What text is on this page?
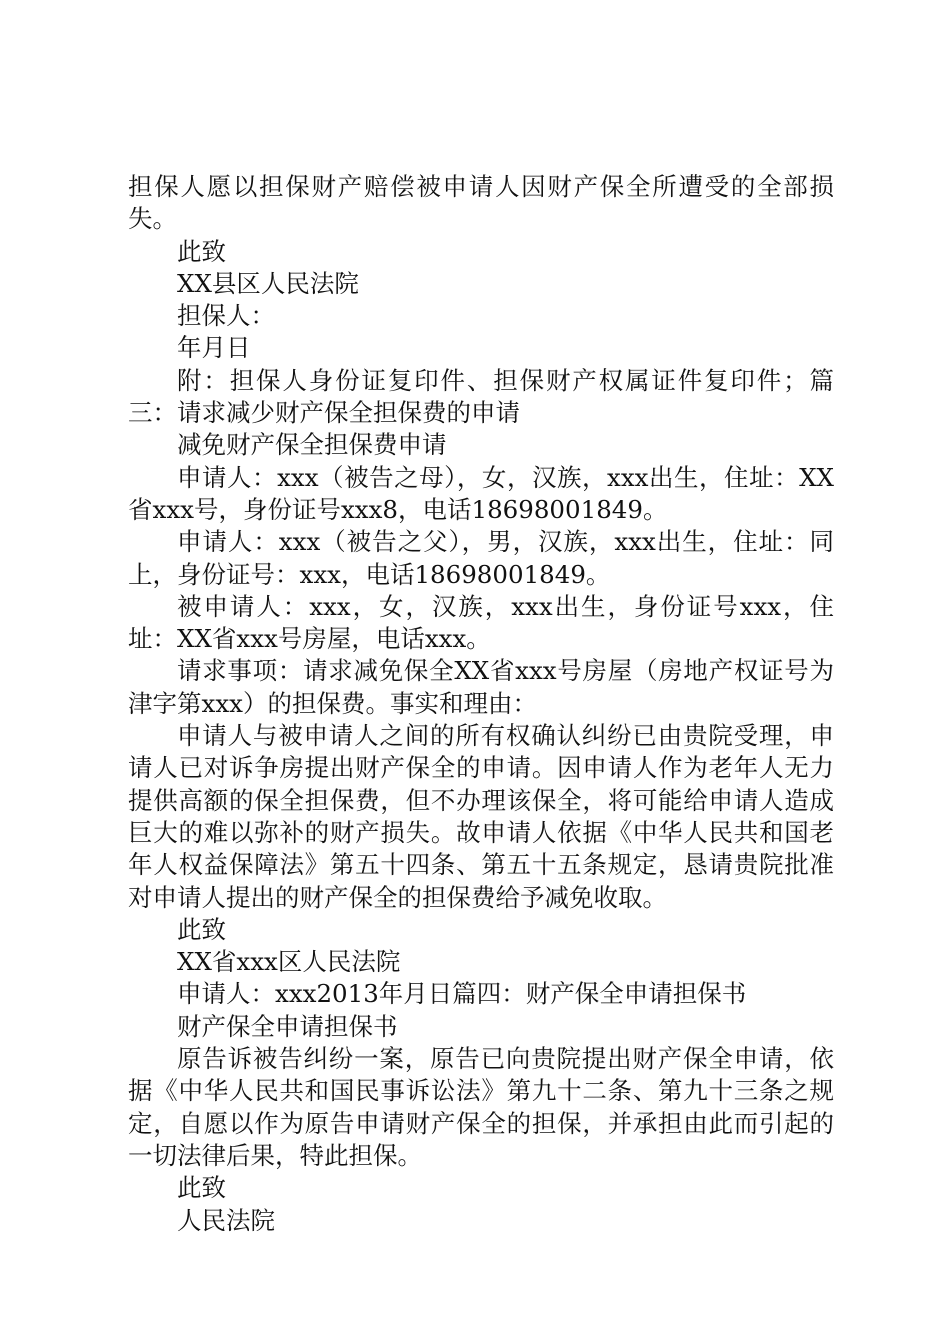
担保人愿以担保财产赔偿被申请人因财产保全所遭受的全部损失。

此致

XX县区人民法院

担保人：

年月日

附：担保人身份证复印件、担保财产权属证件复印件；篇三：请求减少财产保全担保费的申请

减免财产保全担保费申请

申请人：xxx（被告之母），女，汉族，xxx出生，住址：XX省xxx号，身份证号xxx8，电话18698001849。

申请人：xxx（被告之父），男，汉族，xxx出生，住址：同上，身份证号：xxx，电话18698001849。

被申请人：xxx，女，汉族，xxx出生，身份证号xxx，住址：XX省xxx号房屋，电话xxx。

请求事项：请求减免保全XX省xxx号房屋（房地产权证号为津字第xxx）的担保费。事实和理由：

申请人与被申请人之间的所有权确认纠纷已由贵院受理，申请人已对诉争房提出财产保全的申请。因申请人作为老年人无力提供高额的保全担保费，但不办理该保全，将可能给申请人造成巨大的难以弥补的财产损失。故申请人依据《中华人民共和国老年人权益保障法》第五十四条、第五十五条规定，恳请贵院批准对申请人提出的财产保全的担保费给予减免收取。

此致

XX省xxx区人民法院

申请人：xxx2013年月日篇四：财产保全申请担保书

财产保全申请担保书

原告诉被告纠纷一案，原告已向贵院提出财产保全申请，依据《中华人民共和国民事诉讼法》第九十二条、第九十三条之规定，自愿以作为原告申请财产保全的担保，并承担由此而引起的一切法律后果，特此担保。

此致

人民法院
